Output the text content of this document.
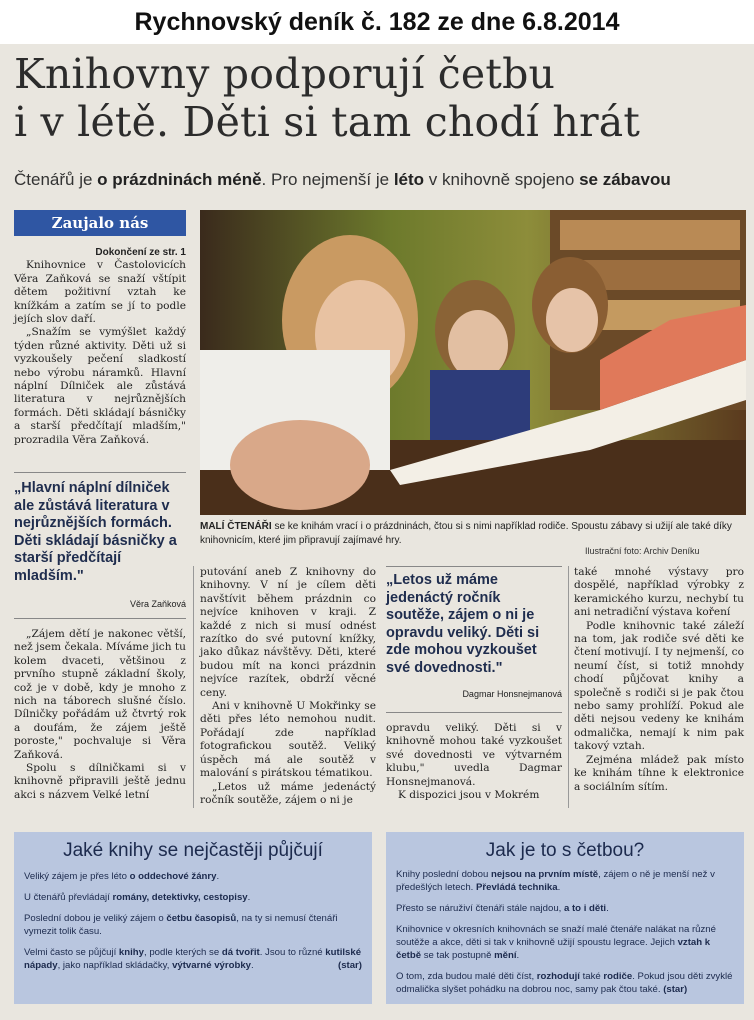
Rychnovský deník č. 182 ze dne 6.8.2014
Knihovny podporují četbu
i v létě. Děti si tam chodí hrát
Čtenářů je o prázdninách méně. Pro nejmenší je léto v knihovně spojeno se zábavou
Zaujalo nás
Dokončení ze str. 1

Knihovnice v Častolovicích Věra Zaňková se snaží vštípit dětem požitivní vztah ke knížkám a zatím se jí to podle jejích slov daří.

„Snažím se vymýšlet každý týden různé aktivity. Děti už si vyzkoušely pečení sladkostí nebo výrobu náramků. Hlavní náplní Dílniček ale zůstává literatura v nejrůznějších formách. Děti skládají básničky a starší předčítají mladším," prozradila Věra Zaňková.

„Hlavní náplní dílniček ale zůstává literatura v nejrůznějších formách. Děti skládají básničky a starší předčítají mladším."
Věra Zaňková

„Zájem dětí je nakonec větší, než jsem čekala. Míváme jich tu kolem dvaceti, většinou z prvního stupně základní školy, což je v době, kdy je mnoho z nich na táborech slušné číslo. Dílničky pořádám už čtvrtý rok a doufám, že zájem ještě poroste," pochvaluje si Věra Zaňková.

Spolu s dílničkami si v knihovně připravili ještě jednu akci s názvem Velké letní

MALÍ ČTENÁŘI se ke knihám vrací i o prázdninách, čtou si s nimi například rodiče. Spoustu zábavy si užijí ale také díky knihovnicím, které jim připravují zajímavé hry.
Ilustrační foto: Archiv Deníku

putování aneb Z knihovny do knihovny. V ní je cílem děti navštívit během prázdnin co nejvíce knihoven v kraji. Z každé z nich si musí odnést razítko do své putovní knížky, jako důkaz návštěvy. Děti, které budou mít na konci prázdnin nejvíce razítek, obdrží věcné ceny.

Ani v knihovně U Mokřinky se děti přes léto nemohou nudit. Pořádají zde například fotografickou soutěž. Veliký úspěch má ale soutěž v malování s pirátskou tématikou.

„Letos už máme jedenáctý ročník soutěže, zájem o ni je

„Letos už máme jedenáctý ročník soutěže, zájem o ni je opravdu veliký. Děti si zde mohou vyzkoušet své dovednosti."
Dagmar Honsnejmanová

opravdu veliký. Děti si v knihovně mohou také vyzkoušet své dovednosti ve výtvarném klubu," uvedla Dagmar Honsnejmanová.

K dispozici jsou v Mokrém

také mnohé výstavy pro dospělé, například výrobky z keramického kurzu, nechybí tu ani netradiční výstava koření

Podle knihovnic také záleží na tom, jak rodiče své děti ke čtení motivují. I ty nejmenší, co neumí číst, si totiž mnohdy chodí půjčovat knihy a společně s rodiči si je pak čtou nebo samy prohlíží. Pokud ale děti nejsou vedeny ke knihám odmalička, nemají k nim pak takový vztah.

Zejména mládež pak místo ke knihám tíhne k elektronice a sociálním sítím.

Jaké knihy se nejčastěji půjčují

Veliký zájem je přes léto o oddechové žánry.

U čtenářů převládají romány, detektivky, cestopisy.

Poslední dobou je veliký zájem o četbu časopisů, na ty si nemusí čtenáři vymezit tolik času.

Velmi často se půjčují knihy, podle kterých se dá tvořit. Jsou to různé kutilské nápady, jako například skládačky, výtvarné výrobky.	(star)

Jak je to s četbou?

Knihy poslední dobou nejsou na prvním místě, zájem o ně je menší než v předešlých letech. Převládá technika.

Přesto se náruživí čtenáři stále najdou, a to i děti.

Knihovnice v okresních knihovnách se snaží malé čtenáře nalákat na různé soutěže a akce, děti si tak v knihovně užijí spoustu legrace. Jejich vztah k četbě se tak postupně mění.

O tom, zda budou malé děti číst, rozhodují také rodiče. Pokud jsou děti zvyklé odmalička slyšet pohádku na dobrou noc, samy pak čtou také. (star)
